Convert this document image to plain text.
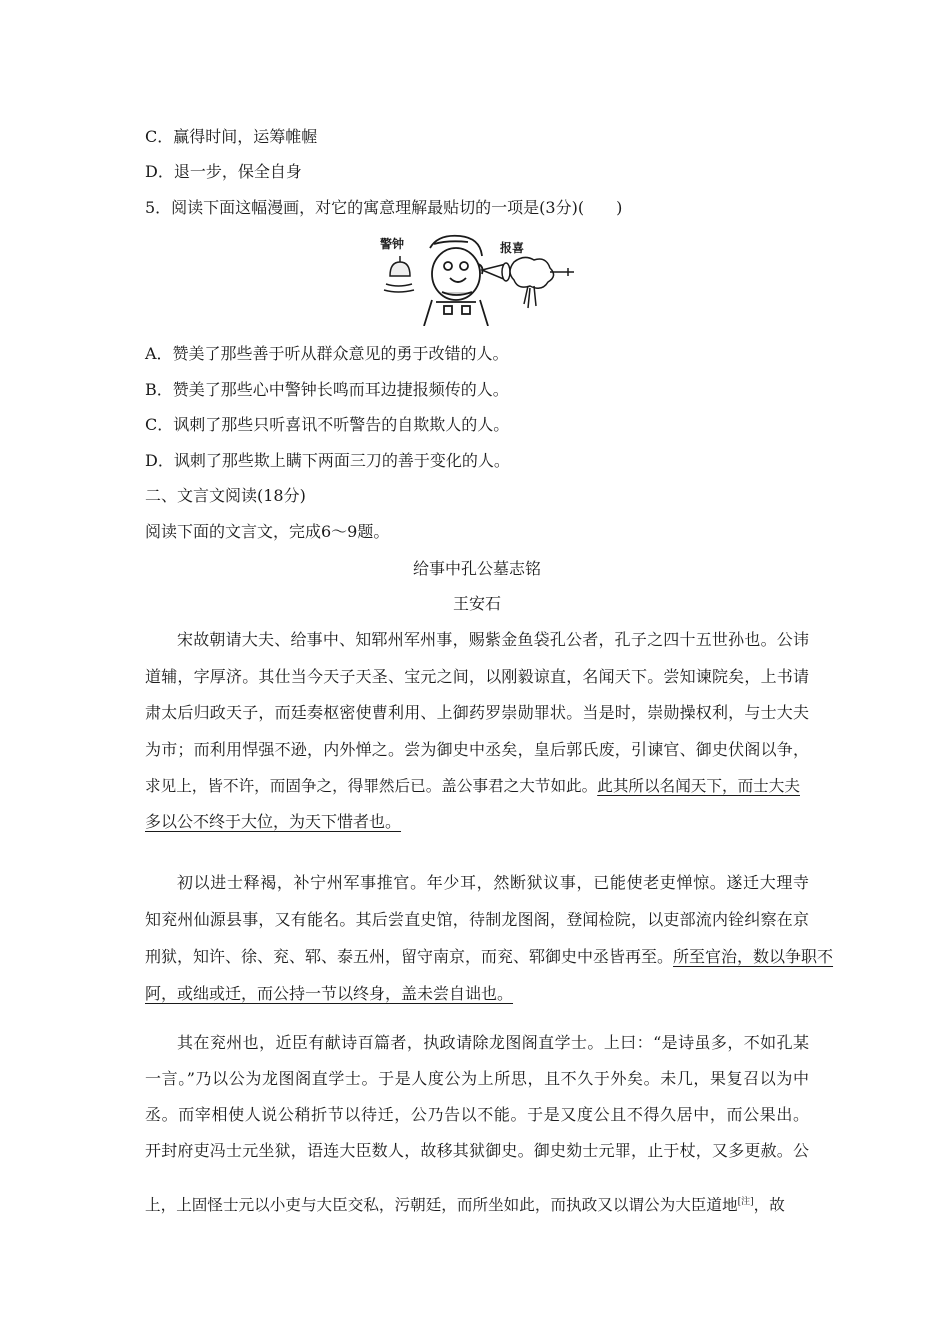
C．赢得时间，运筹帷幄
D．退一步，保全自身
5．阅读下面这幅漫画，对它的寓意理解最贴切的一项是(3分)(　　)
警钟	报喜
A．赞美了那些善于听从群众意见的勇于改错的人。
B．赞美了那些心中警钟长鸣而耳边捷报频传的人。
C．讽刺了那些只听喜讯不听警告的自欺欺人的人。
D．讽刺了那些欺上瞒下两面三刀的善于变化的人。
二、文言文阅读(18分)
阅读下面的文言文，完成6～9题。
给事中孔公墓志铭
王安石
宋故朝请大夫、给事中、知郓州军州事，赐紫金鱼袋孔公者，孔子之四十五世孙也。公讳
道辅，字厚济。其仕当今天子天圣、宝元之间，以刚毅谅直，名闻天下。尝知谏院矣，上书请
肃太后归政天子，而廷奏枢密使曹利用、上御药罗崇勋罪状。当是时，崇勋操权利，与士大夫
为市；而利用悍强不逊，内外惮之。尝为御史中丞矣，皇后郭氏废，引谏官、御史伏阁以争，
求见上，皆不许，而固争之，得罪然后已。盖公事君之大节如此。此其所以名闻天下，而士大夫
多以公不终于大位，为天下惜者也。
初以进士释褐，补宁州军事推官。年少耳，然断狱议事，已能使老吏惮惊。遂迁大理寺
知兖州仙源县事，又有能名。其后尝直史馆，待制龙图阁，登闻检院，以吏部流内铨纠察在京
刑狱，知许、徐、兖、郓、泰五州，留守南京，而兖、郓御史中丞皆再至。所至官治，数以争职不
阿，或绌或迁，而公持一节以终身，盖未尝自诎也。
其在兖州也，近臣有献诗百篇者，执政请除龙图阁直学士。上曰：“是诗虽多，不如孔某
一言。”乃以公为龙图阁直学士。于是人度公为上所思，且不久于外矣。未几，果复召以为中
丞。而宰相使人说公稍折节以待迁，公乃告以不能。于是又度公且不得久居中，而公果出。
开封府吏冯士元坐狱，语连大臣数人，故移其狱御史。御史劾士元罪，止于杖，又多更赦。公
上，上固怪士元以小吏与大臣交私，污朝廷，而所坐如此，而执政又以谓公为大臣道地[注]，故
